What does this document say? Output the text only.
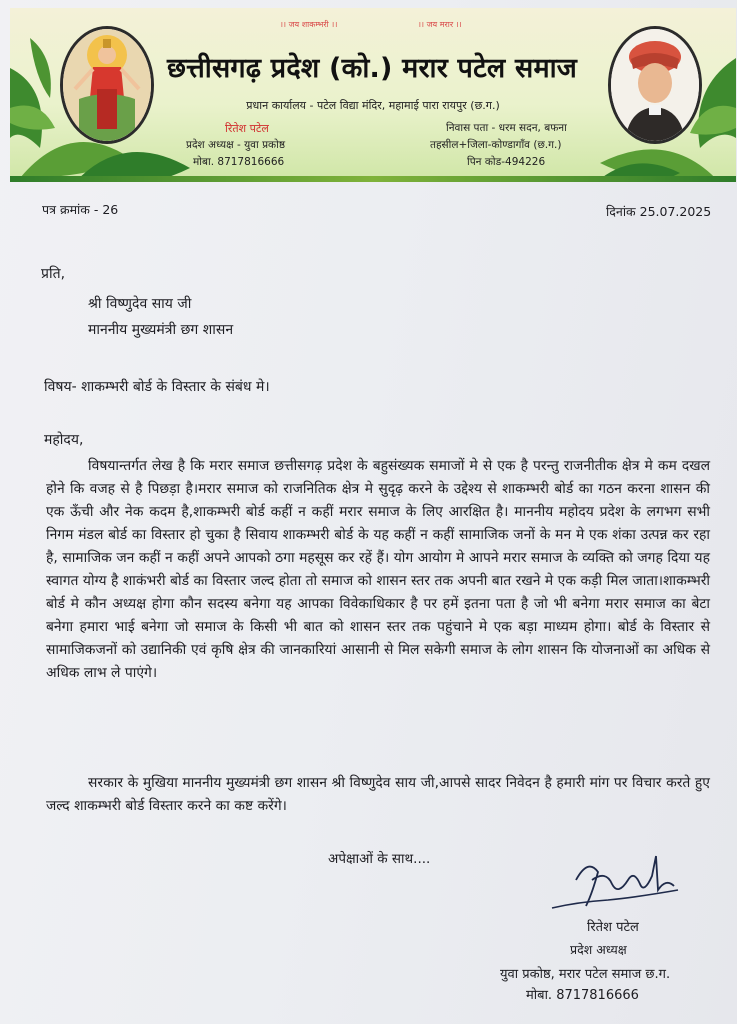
।। जय शाकम्भरी ।।	।। जय मरार ।।
छत्तीसगढ़ प्रदेश (को.) मरार पटेल समाज
प्रधान कार्यालय - पटेल विद्या मंदिर, महामाई पारा रायपुर (छ.ग.)
रितेश पटेल
प्रदेश अध्यक्ष - युवा प्रकोष्ठ
मोबा. 8717816666
निवास पता - धरम सदन, बफना
तहसील+जिला-कोण्डागाँव (छ.ग.)
पिन कोड-494226
पत्र क्रमांक - 26	दिनांक 25.07.2025
प्रति,
श्री विष्णुदेव साय जी
माननीय मुख्यमंत्री छग शासन
विषय- शाकम्भरी बोर्ड के विस्तार के संबंध मे।
महोदय,
विषयान्तर्गत लेख है कि मरार समाज छत्तीसगढ़ प्रदेश के बहुसंख्यक समाजों मे से एक है परन्तु राजनीतीक क्षेत्र मे कम दखल होने कि वजह से है पिछड़ा है।मरार समाज को राजनितिक क्षेत्र मे सुदृढ़ करने के उद्देश्य से शाकम्भरी बोर्ड का गठन करना शासन की एक ऊँची और नेक कदम है,शाकम्भरी बोर्ड कहीं न कहीं मरार समाज के लिए आरक्षित है। माननीय महोदय प्रदेश के लगभग सभी निगम मंडल बोर्ड का विस्तार हो चुका है सिवाय शाकम्भरी बोर्ड के यह कहीं न कहीं सामाजिक जनों के मन मे एक शंका उत्पन्न कर रहा है, सामाजिक जन कहीं न कहीं अपने आपको ठगा महसूस कर रहें हैं। योग आयोग मे आपने मरार समाज के व्यक्ति को जगह दिया यह स्वागत योग्य है शाकंभरी बोर्ड का विस्तार जल्द होता तो समाज को शासन स्तर तक अपनी बात रखने मे एक कड़ी मिल जाता।शाकम्भरी बोर्ड मे कौन अध्यक्ष होगा कौन सदस्य बनेगा यह आपका विवेकाधिकार है पर हमें इतना पता है जो भी बनेगा मरार समाज का बेटा बनेगा हमारा भाई बनेगा जो समाज के किसी भी बात को शासन स्तर तक पहुंचाने मे एक बड़ा माध्यम होगा। बोर्ड के विस्तार से सामाजिकजनों को उद्यानिकी एवं कृषि क्षेत्र की जानकारियां आसानी से मिल सकेगी समाज के लोग शासन कि योजनाओं का अधिक से अधिक लाभ ले पाएंगे।
सरकार के मुखिया माननीय मुख्यमंत्री छग शासन श्री विष्णुदेव साय जी,आपसे सादर निवेदन है हमारी मांग पर विचार करते हुए जल्द शाकम्भरी बोर्ड विस्तार करने का कष्ट करेंगे।
अपेक्षाओं के साथ....
रितेश पटेल
प्रदेश अध्यक्ष
युवा प्रकोष्ठ, मरार पटेल समाज छ.ग.
मोबा. 8717816666
